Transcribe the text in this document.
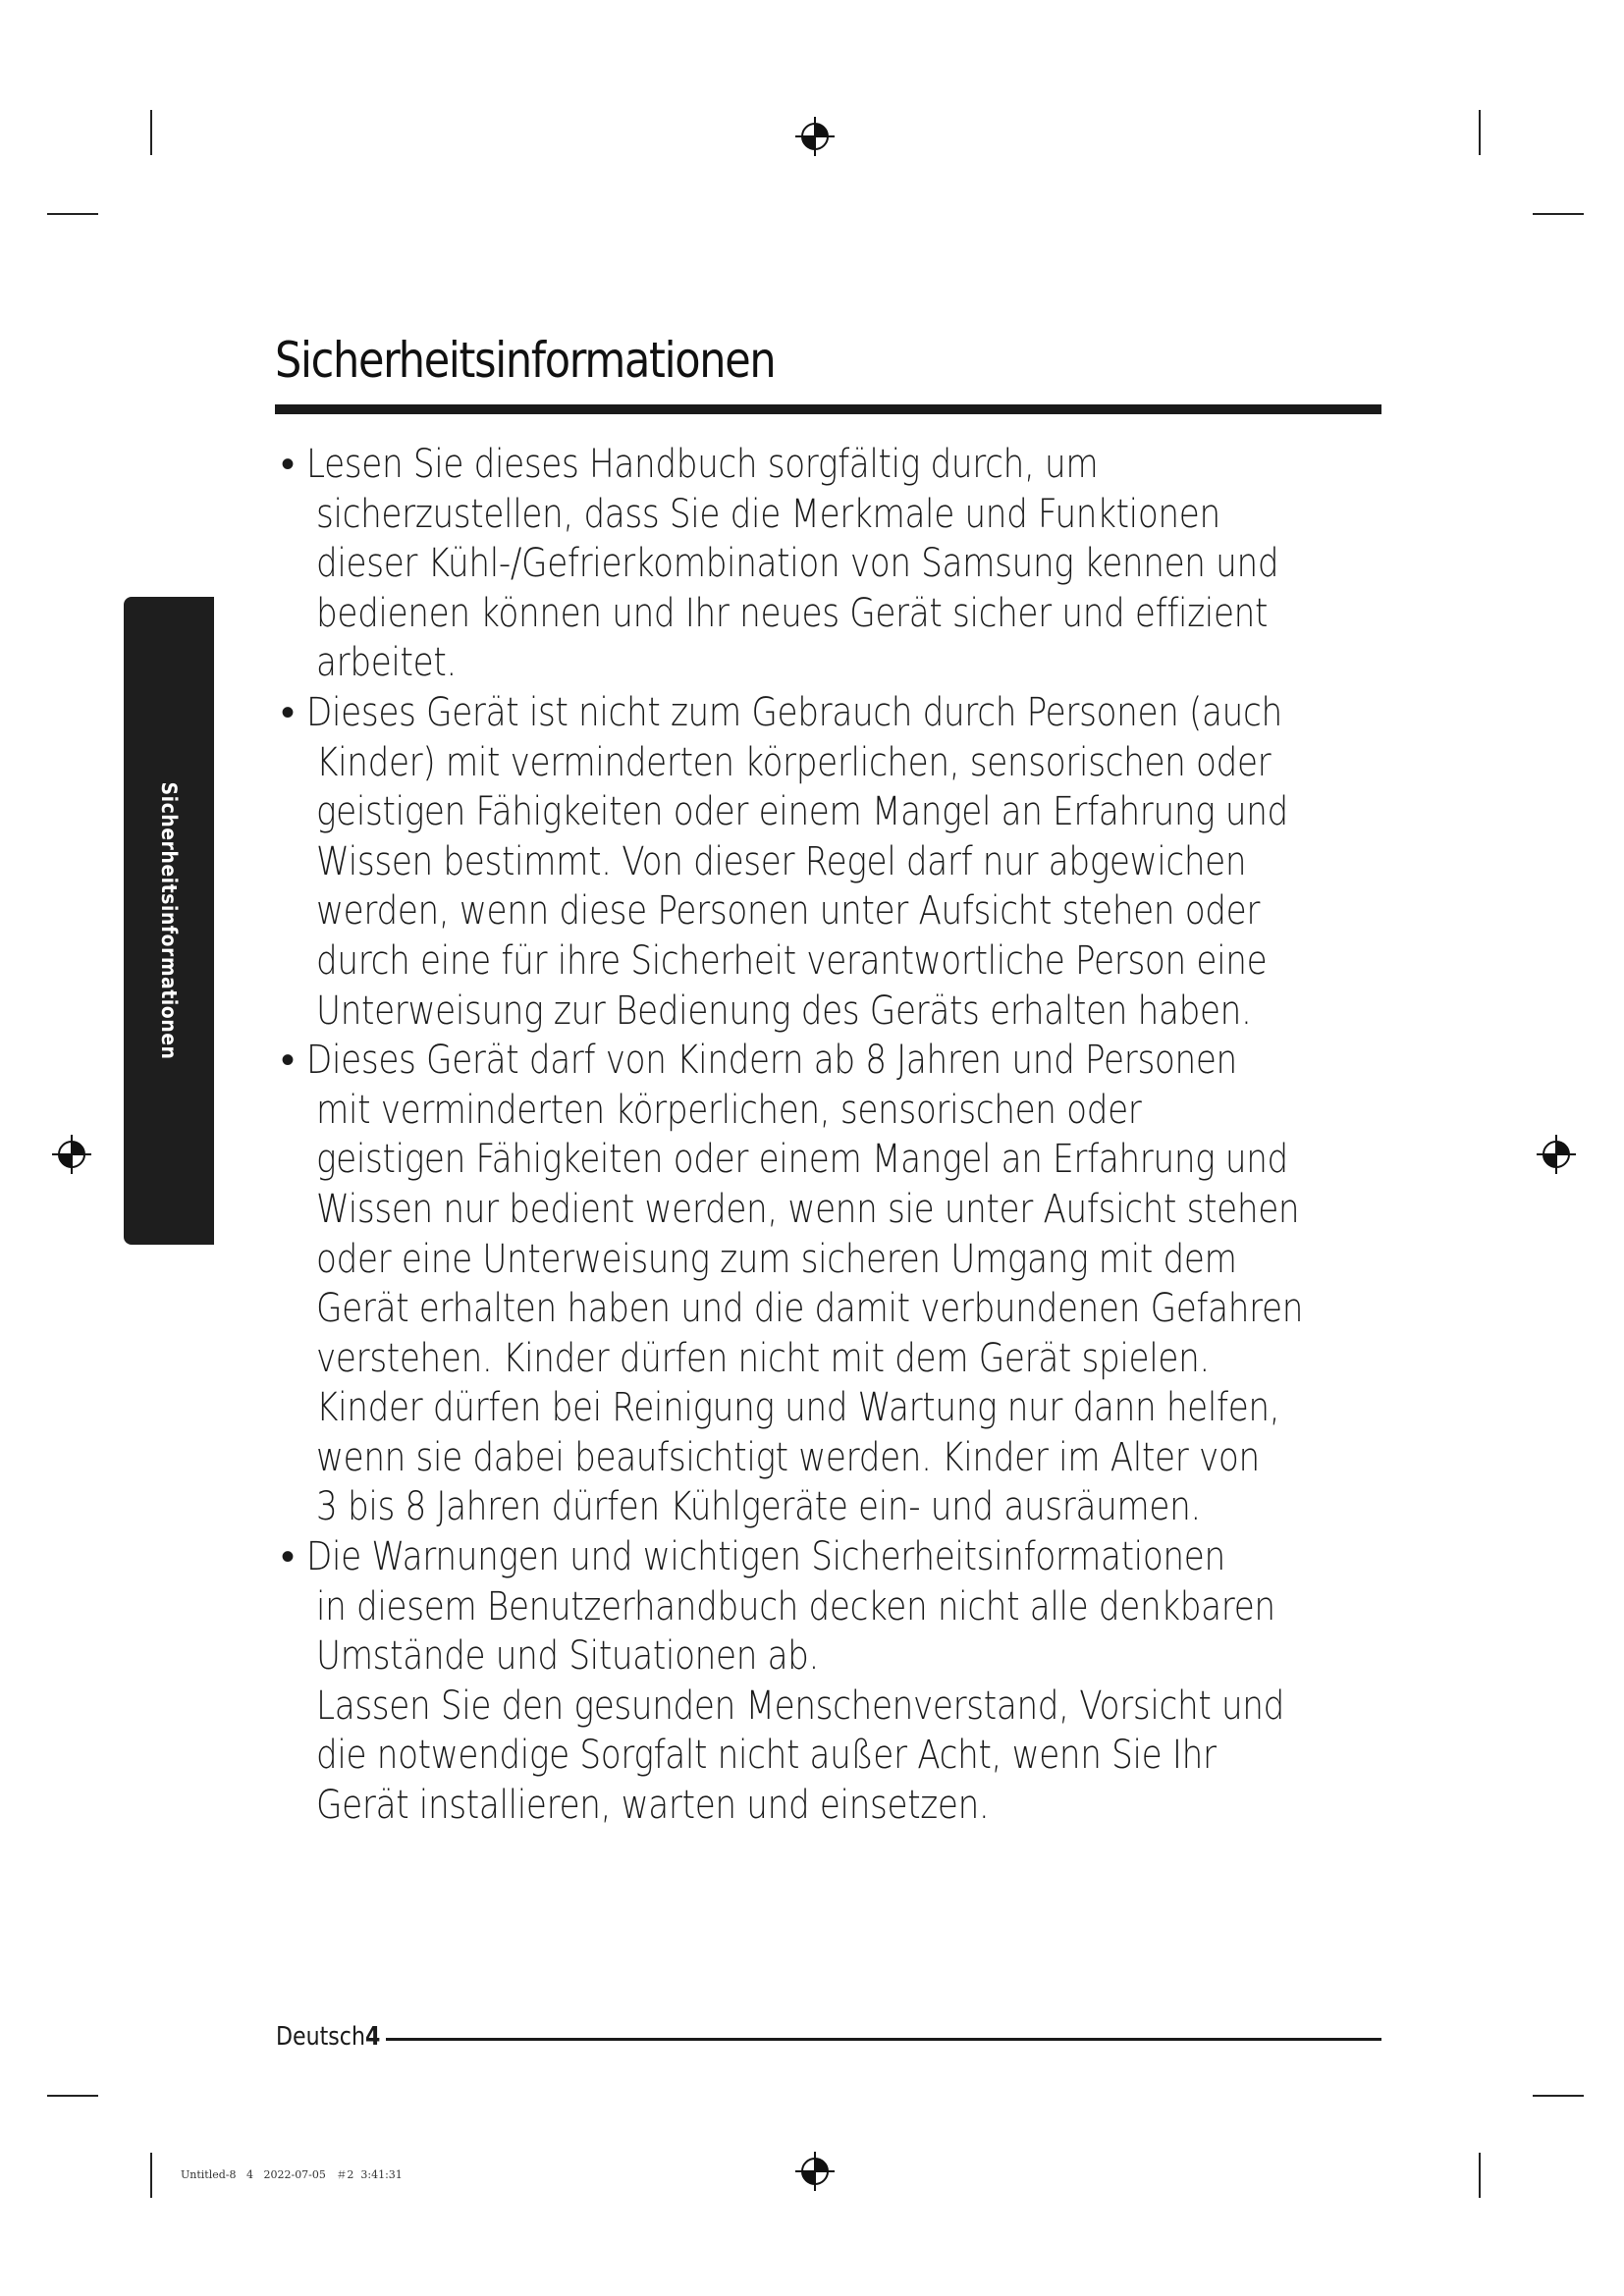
Sicherheitsinformationen
Sicherheitsinformationen
• Lesen Sie dieses Handbuch sorgfältig durch, um
sicherzustellen, dass Sie die Merkmale und Funktionen
dieser Kühl-/Gefrierkombination von Samsung kennen und
bedienen können und Ihr neues Gerät sicher und effizient
arbeitet.
• Dieses Gerät ist nicht zum Gebrauch durch Personen (auch
Kinder) mit verminderten körperlichen, sensorischen oder
geistigen Fähigkeiten oder einem Mangel an Erfahrung und
Wissen bestimmt. Von dieser Regel darf nur abgewichen
werden, wenn diese Personen unter Aufsicht stehen oder
durch eine für ihre Sicherheit verantwortliche Person eine
Unterweisung zur Bedienung des Geräts erhalten haben.
• Dieses Gerät darf von Kindern ab 8 Jahren und Personen
mit verminderten körperlichen, sensorischen oder
geistigen Fähigkeiten oder einem Mangel an Erfahrung und
Wissen nur bedient werden, wenn sie unter Aufsicht stehen
oder eine Unterweisung zum sicheren Umgang mit dem
Gerät erhalten haben und die damit verbundenen Gefahren
verstehen. Kinder dürfen nicht mit dem Gerät spielen.
Kinder dürfen bei Reinigung und Wartung nur dann helfen,
wenn sie dabei beaufsichtigt werden. Kinder im Alter von
3 bis 8 Jahren dürfen Kühlgeräte ein- und ausräumen.
• Die Warnungen und wichtigen Sicherheitsinformationen
in diesem Benutzerhandbuch decken nicht alle denkbaren
Umstände und Situationen ab.
Lassen Sie den gesunden Menschenverstand, Vorsicht und
die notwendige Sorgfalt nicht außer Acht, wenn Sie Ihr
Gerät installieren, warten und einsetzen.
Deutsch4
Untitled-8   4   2022-07-05   ＃2  3:41:31
